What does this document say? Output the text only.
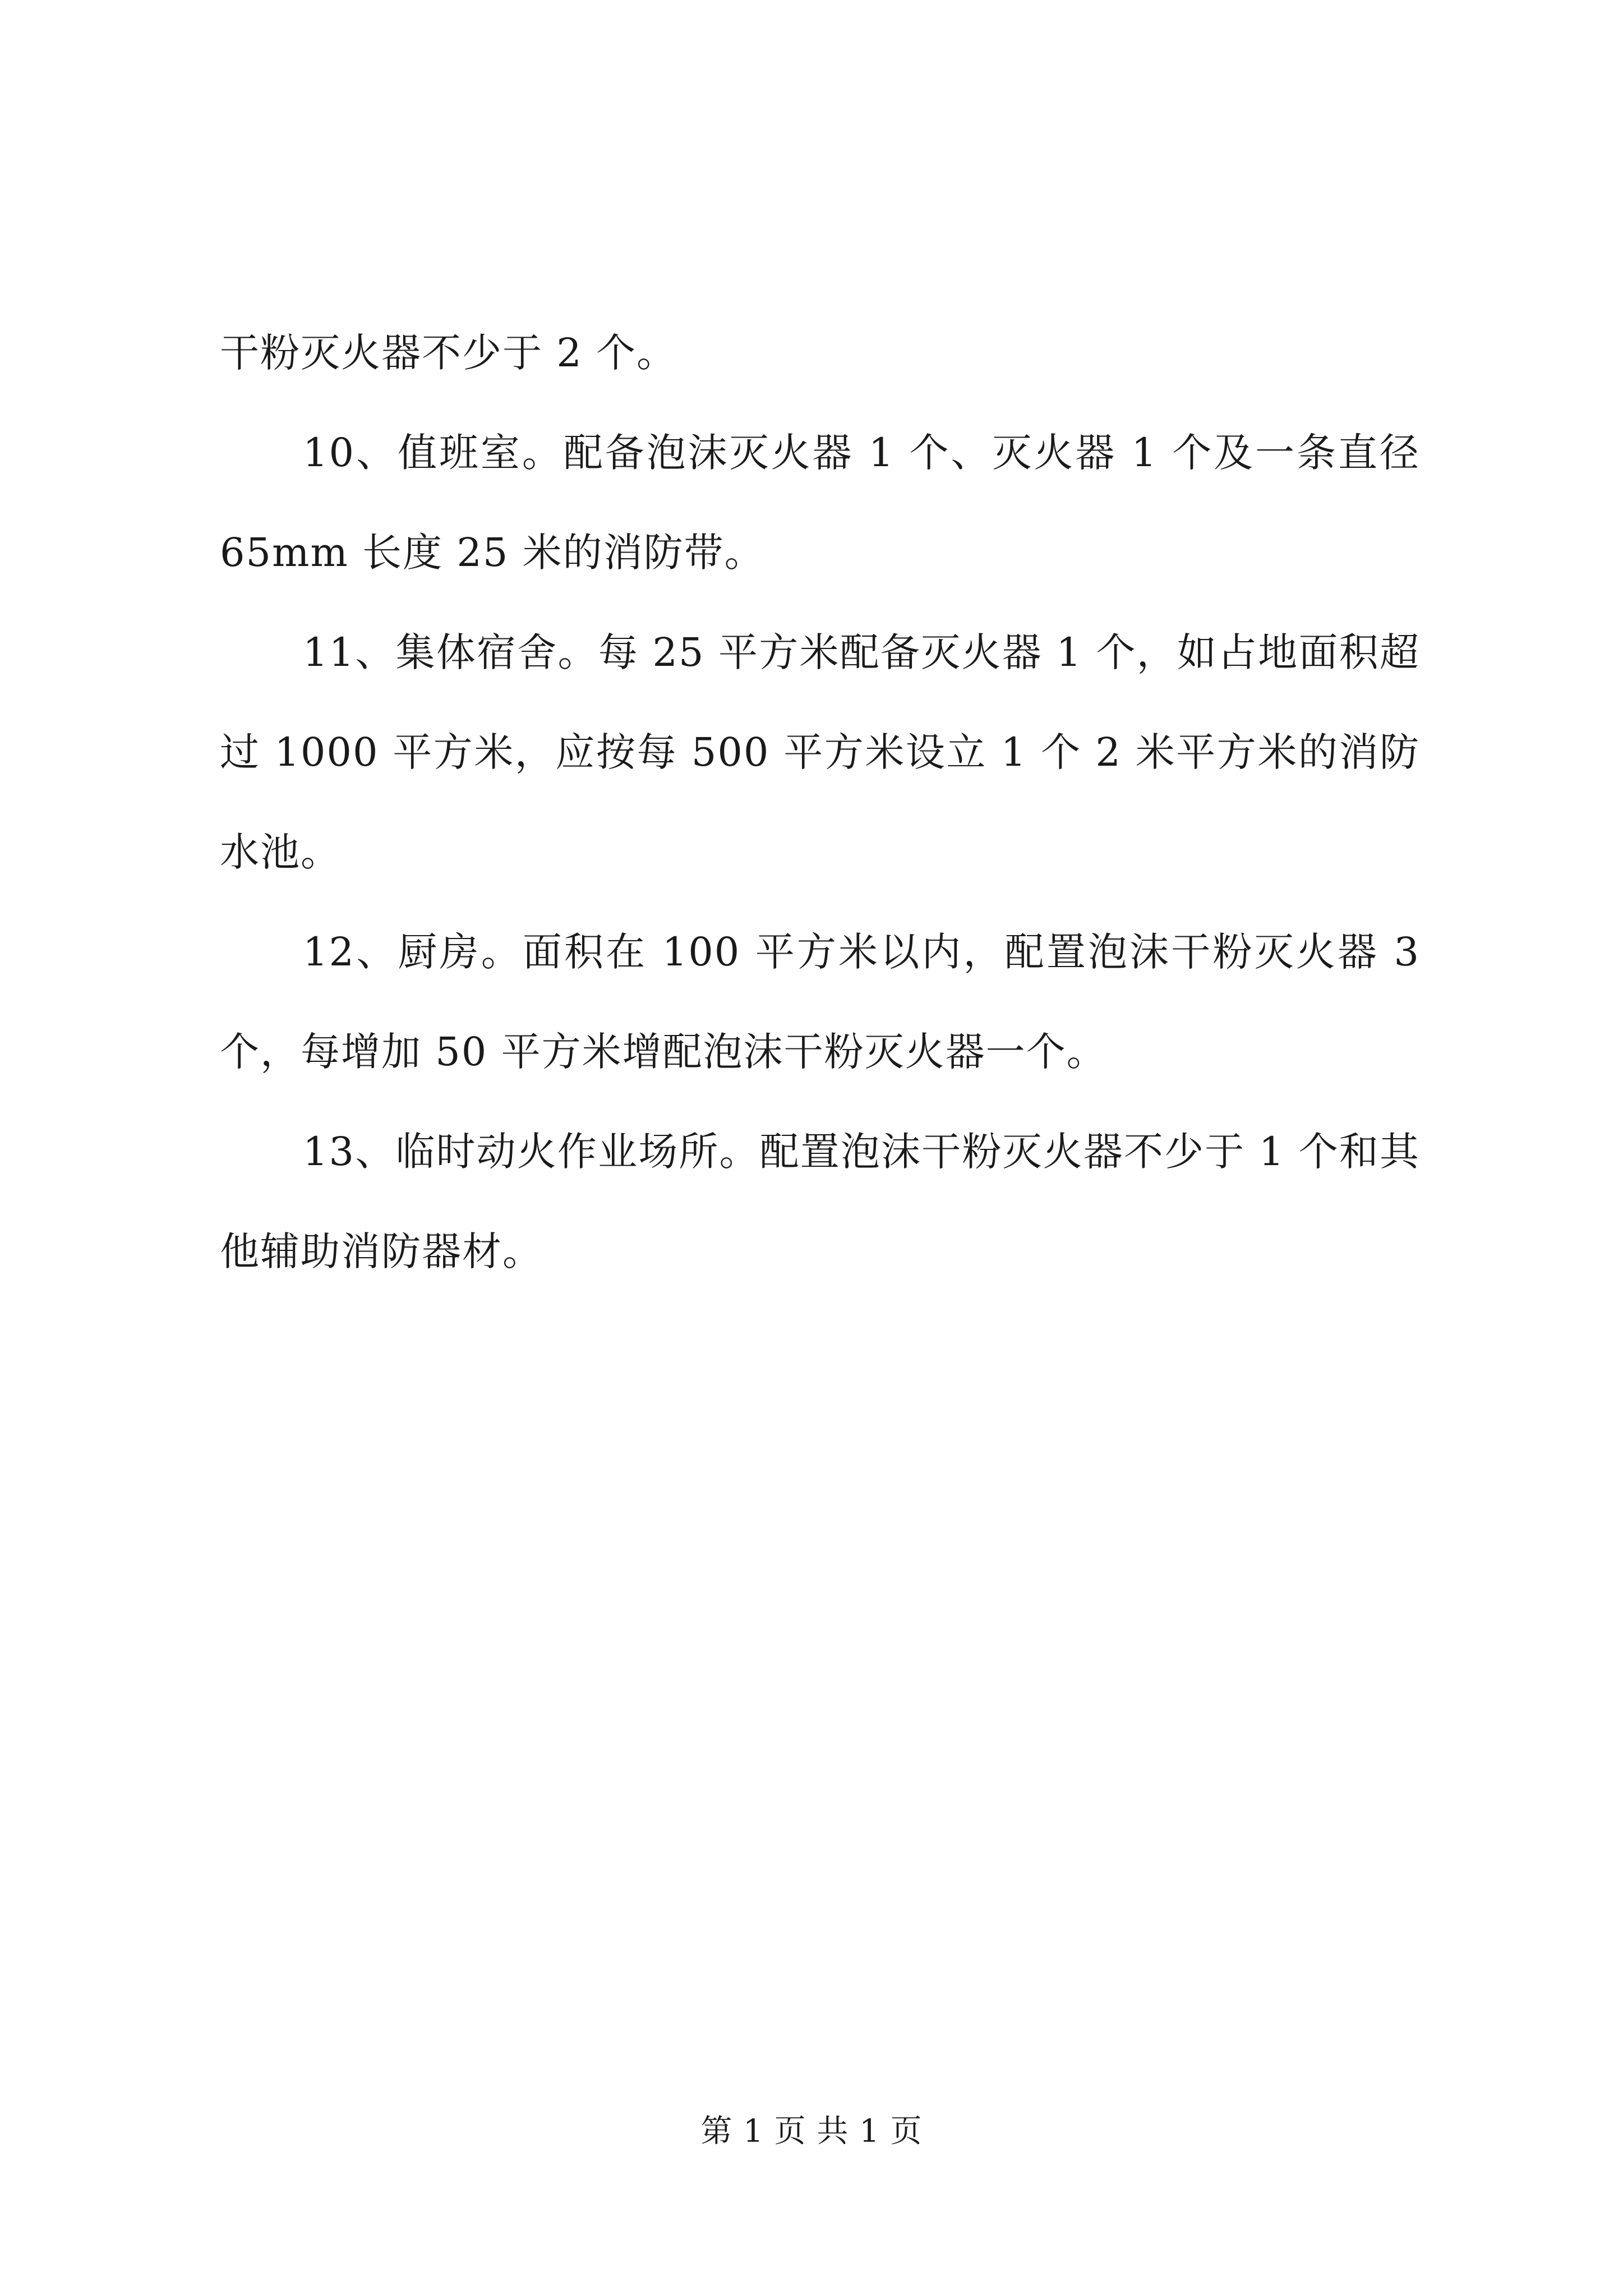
干粉灭火器不少于 2 个。

10、值班室。配备泡沫灭火器 1 个、灭火器 1 个及一条直径 65mm 长度 25 米的消防带。

11、集体宿舍。每 25 平方米配备灭火器 1 个，如占地面积超过 1000 平方米，应按每 500 平方米设立 1 个 2 米平方米的消防水池。

12、厨房。面积在 100 平方米以内，配置泡沫干粉灭火器 3 个，每增加 50 平方米增配泡沫干粉灭火器一个。

13、临时动火作业场所。配置泡沫干粉灭火器不少于 1 个和其他辅助消防器材。

第 1 页 共 1 页
